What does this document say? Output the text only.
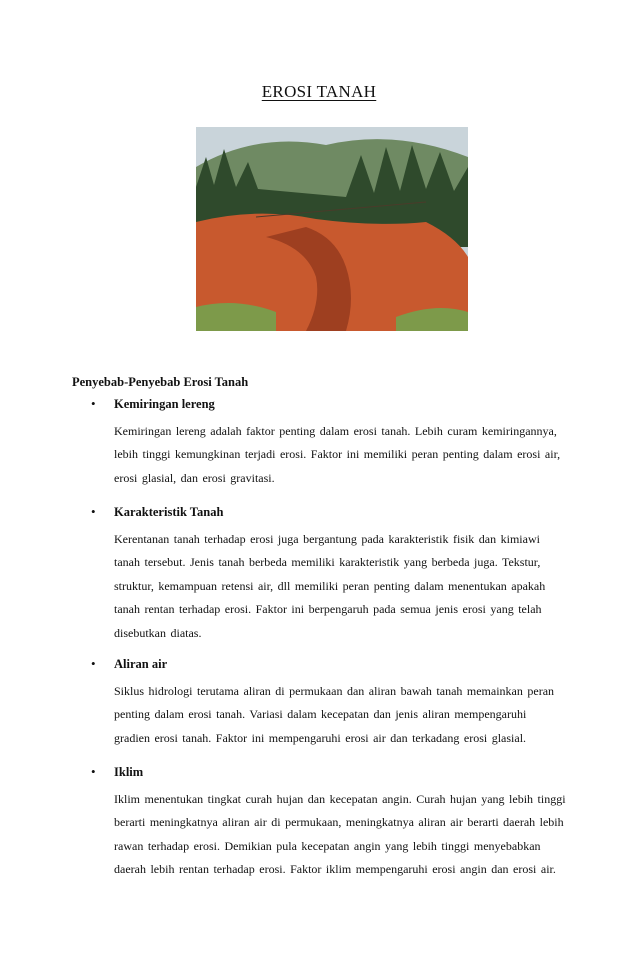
EROSI TANAH
Penyebab-Penyebab Erosi Tanah
• Kemiringan lereng
Kemiringan lereng adalah faktor penting dalam erosi tanah. Lebih curam kemiringannya, lebih tinggi kemungkinan terjadi erosi. Faktor ini memiliki peran penting dalam erosi air, erosi glasial, dan erosi gravitasi.
• Karakteristik Tanah
Kerentanan tanah terhadap erosi juga bergantung pada karakteristik fisik dan kimiawi tanah tersebut. Jenis tanah berbeda memiliki karakteristik yang berbeda juga. Tekstur, struktur, kemampuan retensi air, dll memiliki peran penting dalam menentukan apakah tanah rentan terhadap erosi. Faktor ini berpengaruh pada semua jenis erosi yang telah disebutkan diatas.
• Aliran air
Siklus hidrologi terutama aliran di permukaan dan aliran bawah tanah memainkan peran penting dalam erosi tanah. Variasi dalam kecepatan dan jenis aliran mempengaruhi gradien erosi tanah. Faktor ini mempengaruhi erosi air dan terkadang erosi glasial.
• Iklim
Iklim menentukan tingkat curah hujan dan kecepatan angin. Curah hujan yang lebih tinggi berarti meningkatnya aliran air di permukaan, meningkatnya aliran air berarti daerah lebih rawan terhadap erosi. Demikian pula kecepatan angin yang lebih tinggi menyebabkan daerah lebih rentan terhadap erosi. Faktor iklim mempengaruhi erosi angin dan erosi air.
